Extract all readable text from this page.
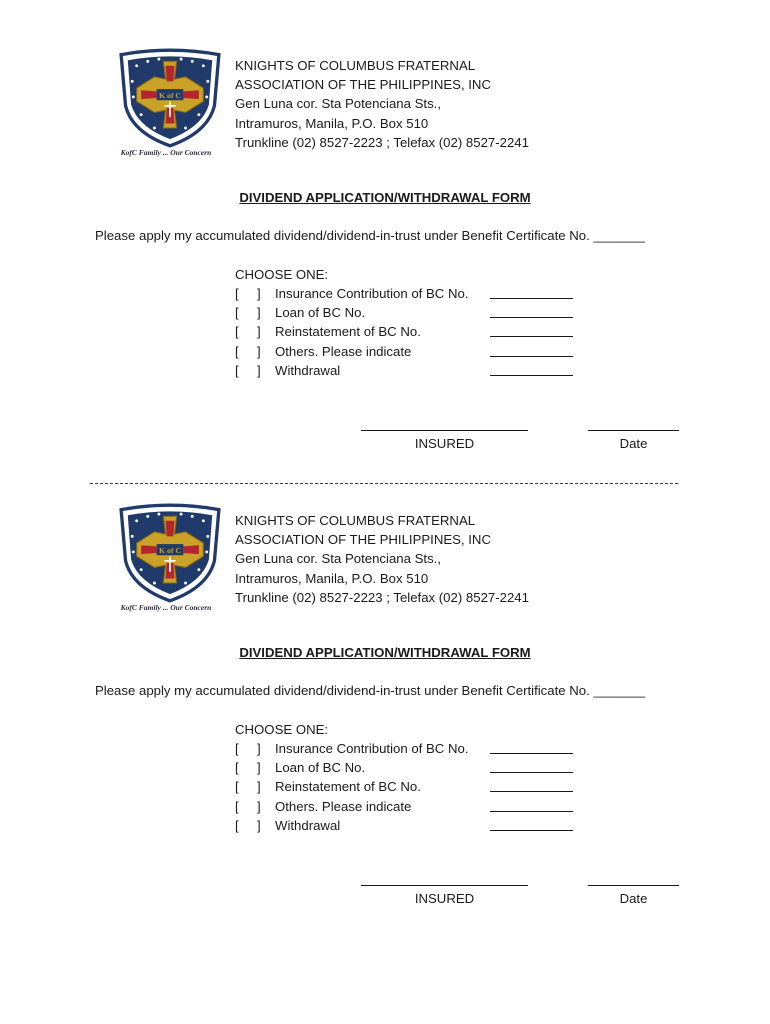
K of C
KofC Family ... Our Concern
KNIGHTS OF COLUMBUS FRATERNAL
ASSOCIATION OF THE PHILIPPINES, INC
Gen Luna cor. Sta Potenciana Sts.,
Intramuros, Manila, P.O. Box 510
Trunkline (02) 8527-2223 ; Telefax (02) 8527-2241
DIVIDEND APPLICATION/WITHDRAWAL FORM
Please apply my accumulated dividend/dividend-in-trust under Benefit Certificate No. _______
CHOOSE ONE:
[ ] Insurance Contribution of BC No.
[ ] Loan of BC No.
[ ] Reinstatement of BC No.
[ ] Others. Please indicate
[ ] Withdrawal
INSURED	Date
K of C
KofC Family ... Our Concern
KNIGHTS OF COLUMBUS FRATERNAL
ASSOCIATION OF THE PHILIPPINES, INC
Gen Luna cor. Sta Potenciana Sts.,
Intramuros, Manila, P.O. Box 510
Trunkline (02) 8527-2223 ; Telefax (02) 8527-2241
DIVIDEND APPLICATION/WITHDRAWAL FORM
Please apply my accumulated dividend/dividend-in-trust under Benefit Certificate No. _______
CHOOSE ONE:
[ ] Insurance Contribution of BC No.
[ ] Loan of BC No.
[ ] Reinstatement of BC No.
[ ] Others. Please indicate
[ ] Withdrawal
INSURED	Date
